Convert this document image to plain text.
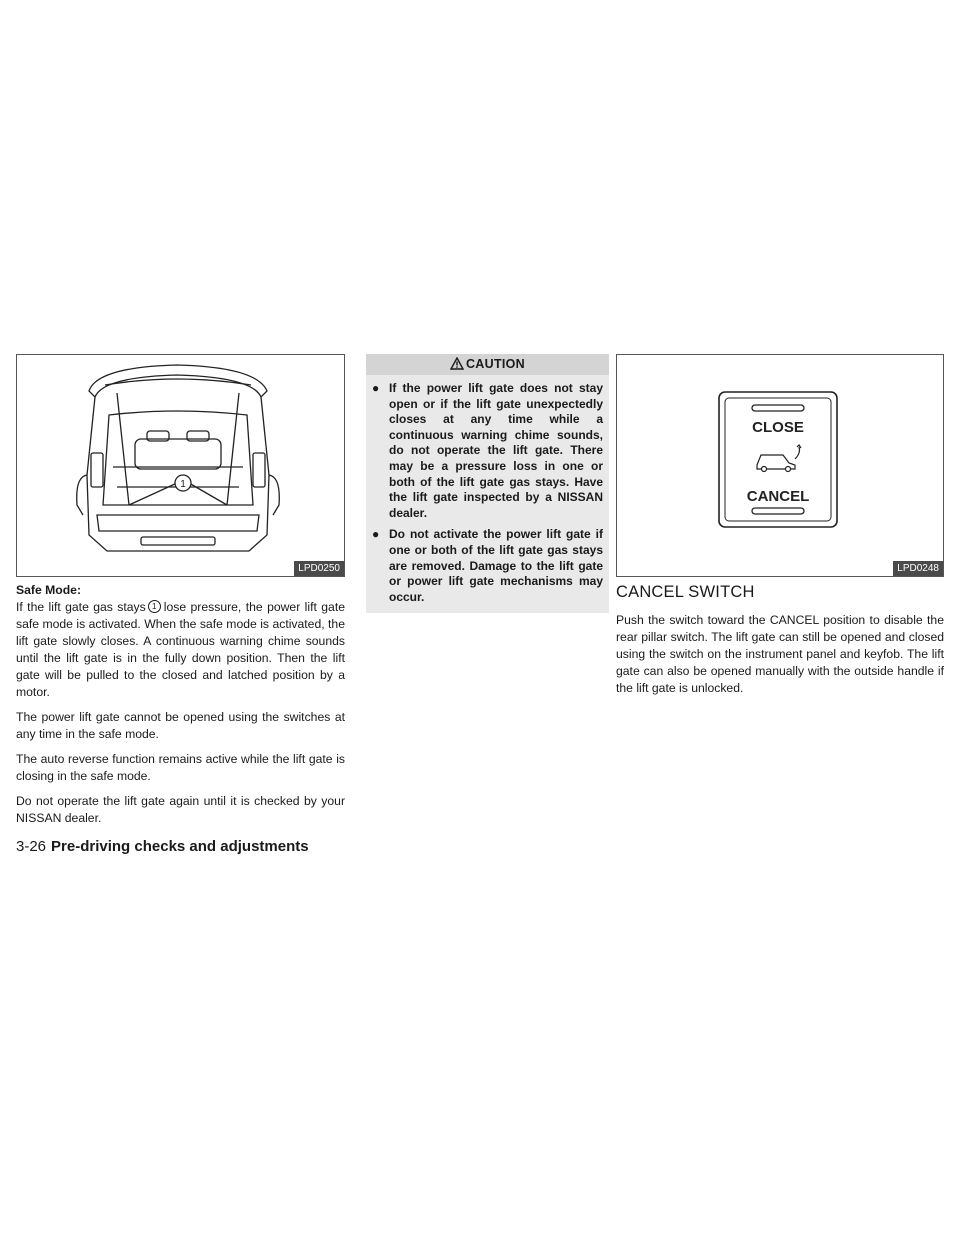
1
LPD0250

Safe Mode:

If the lift gate gas stays 1 lose pressure, the power lift gate safe mode is activated. When the safe mode is activated, the lift gate slowly closes. A continuous warning chime sounds until the lift gate is in the fully down position. Then the lift gate will be pulled to the closed and latched position by a motor.

The power lift gate cannot be opened using the switches at any time in the safe mode.

The auto reverse function remains active while the lift gate is closing in the safe mode.

Do not operate the lift gate again until it is checked by your NISSAN dealer.

CAUTION
● If the power lift gate does not stay open or if the lift gate unexpectedly closes at any time while a continuous warning chime sounds, do not operate the lift gate. There may be a pressure loss in one or both of the lift gate gas stays. Have the lift gate inspected by a NISSAN dealer.
● Do not activate the power lift gate if one or both of the lift gate gas stays are removed. Damage to the lift gate or power lift gate mechanisms may occur.
CLOSE
CANCEL
LPD0248
CANCEL SWITCH

Push the switch toward the CANCEL position to disable the rear pillar switch. The lift gate can still be opened and closed using the switch on the instrument panel and keyfob. The lift gate can also be opened manually with the outside handle if the lift gate is unlocked.

3-26 Pre-driving checks and adjustments
